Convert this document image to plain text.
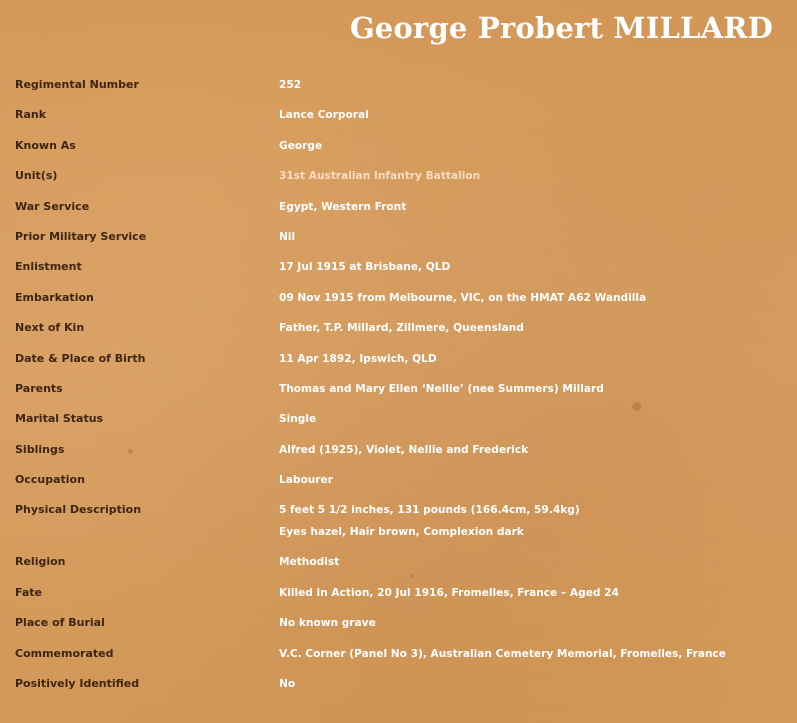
George Probert MILLARD
Regimental Number	252
Rank	Lance Corporal
Known As	George
Unit(s)	31st Australian Infantry Battalion
War Service	Egypt, Western Front
Prior Military Service	Nil
Enlistment	17 Jul 1915 at Brisbane, QLD
Embarkation	09 Nov 1915 from Melbourne, VIC, on the HMAT A62 Wandilla
Next of Kin	Father, T.P. Millard, Zillmere, Queensland
Date & Place of Birth	11 Apr 1892, Ipswich, QLD
Parents	Thomas and Mary Ellen ‘Nellie’ (nee Summers) Millard
Marital Status	Single
Siblings	Alfred (1925), Violet, Nellie and Frederick
Occupation	Labourer
Physical Description	5 feet 5 1/2 inches, 131 pounds (166.4cm, 59.4kg)
Eyes hazel, Hair brown, Complexion dark
Religion	Methodist
Fate	Killed in Action, 20 Jul 1916, Fromelles, France – Aged 24
Place of Burial	No known grave
Commemorated	V.C. Corner (Panel No 3), Australian Cemetery Memorial, Fromelles, France
Positively Identified	No
